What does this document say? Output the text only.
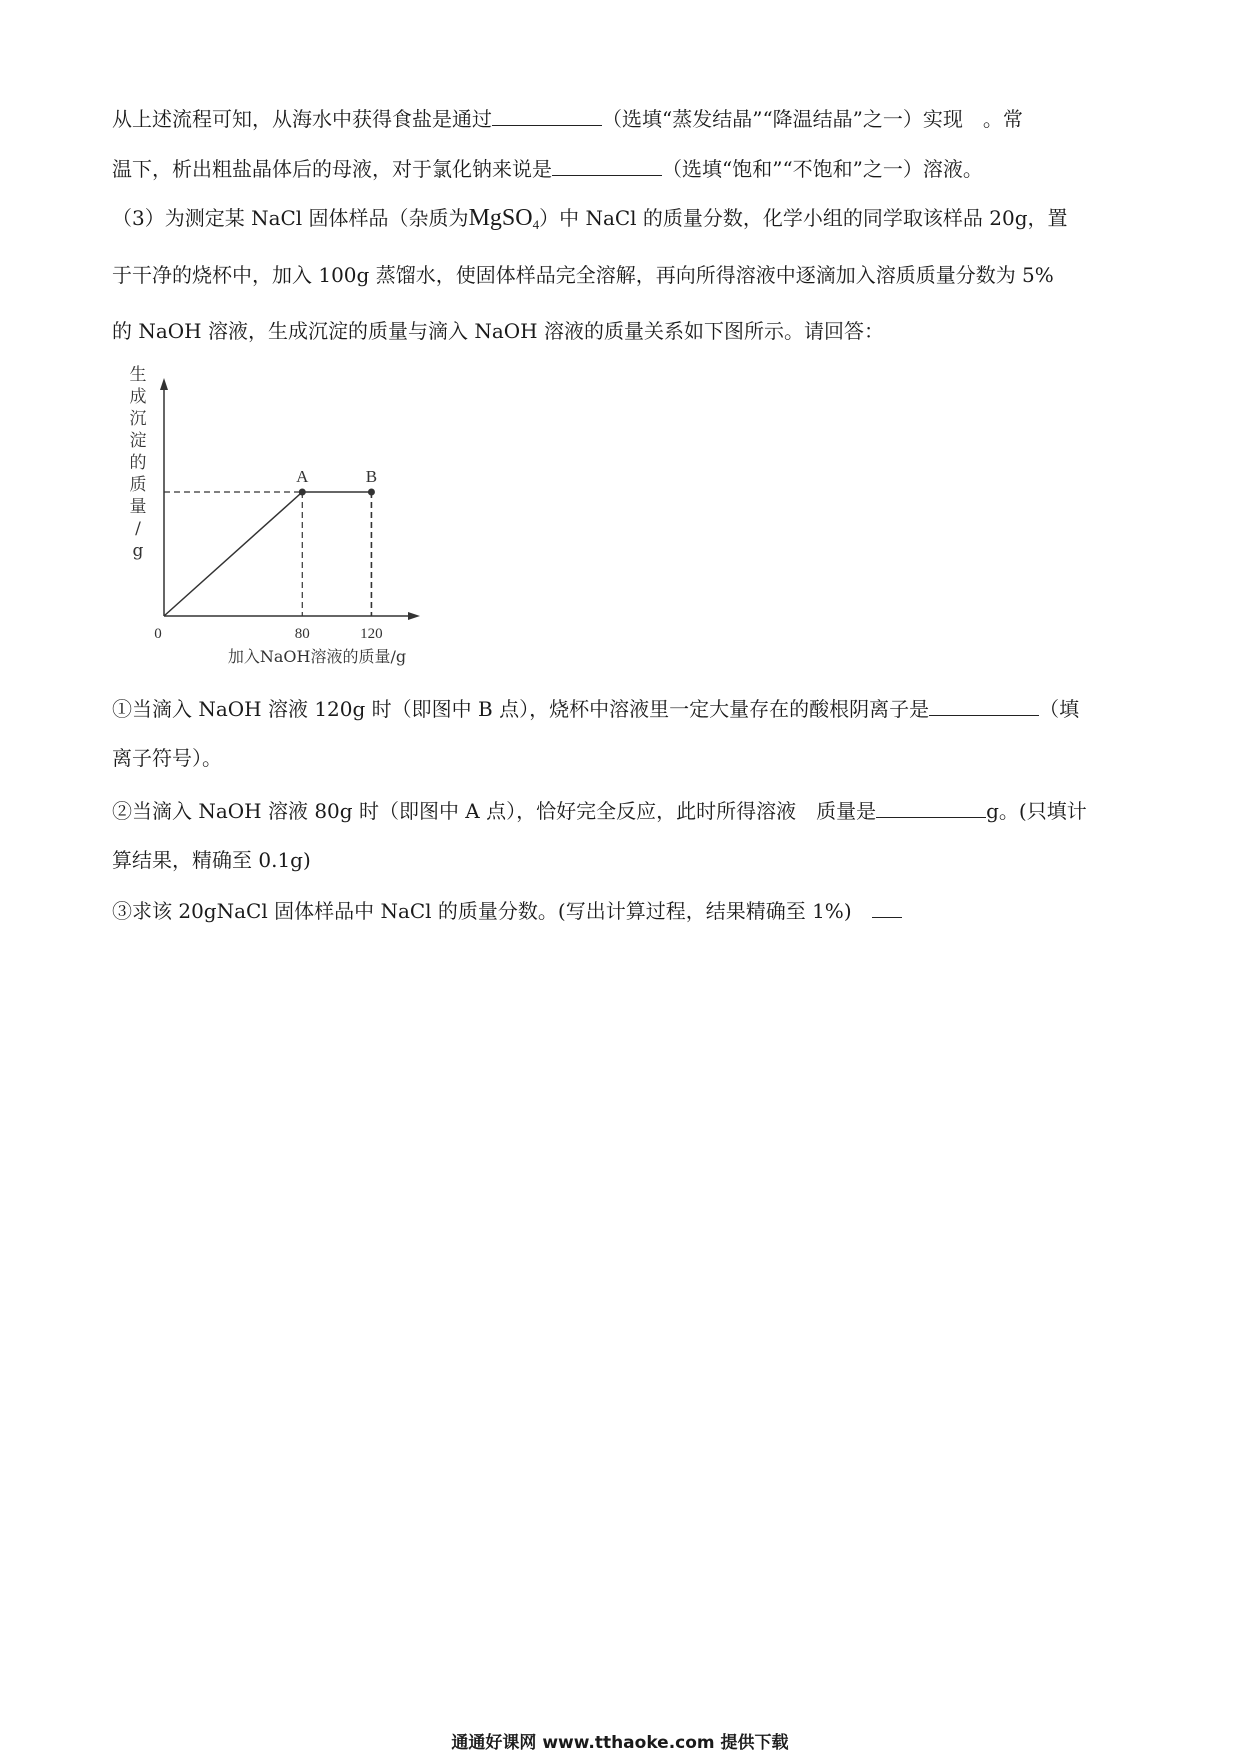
从上述流程可知，从海水中获得食盐是通过	（选填“蒸发结晶”“降温结晶”之一）实现　。常
温下，析出粗盐晶体后的母液，对于氯化钠来说是	（选填“饱和”“不饱和”之一）溶液。
（3）为测定某 NaCl 固体样品（杂质为MgSO$_4$）中 NaCl 的质量分数，化学小组的同学取该样品 20g，置
于干净的烧杯中，加入 100g 蒸馏水，使固体样品完全溶解，再向所得溶液中逐滴加入溶质质量分数为 5%
的 NaOH 溶液，生成沉淀的质量与滴入 NaOH 溶液的质量关系如下图所示。请回答：
生
成
沉
淀
的
质
量
/
g
A	B
0	80	120
加入NaOH溶液的质量/g
①当滴入 NaOH 溶液 120g 时（即图中 B 点），烧杯中溶液里一定大量存在的酸根阴离子是	（填
离子符号）。
②当滴入 NaOH 溶液 80g 时（即图中 A 点），恰好完全反应，此时所得溶液　质量是	g。(只填计
算结果，精确至 0.1g)
③求该 20gNaCl 固体样品中 NaCl 的质量分数。(写出计算过程，结果精确至 1%)　
通通好课网 www.tthaoke.com 提供下载
